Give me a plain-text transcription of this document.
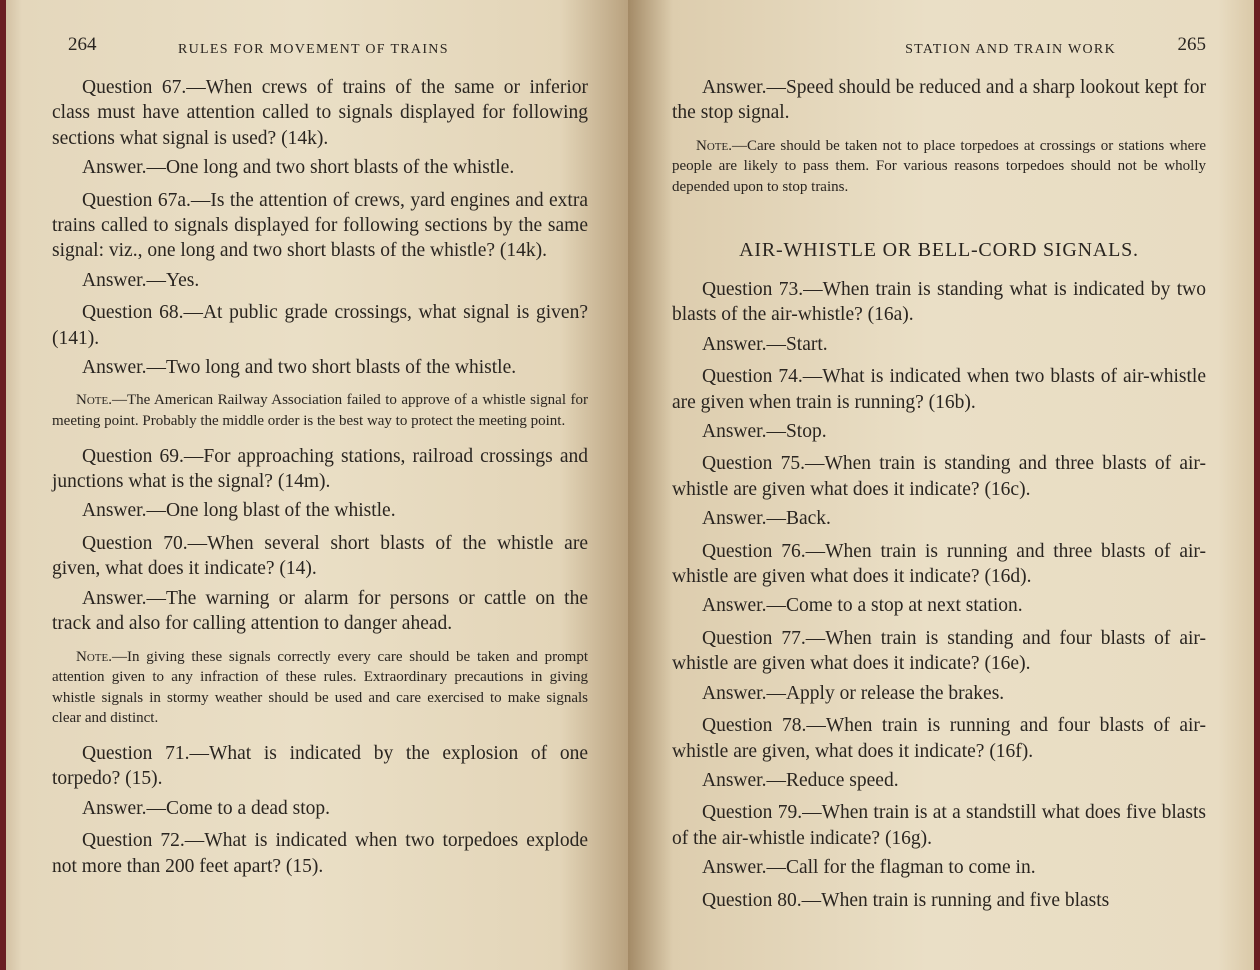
264	RULES FOR MOVEMENT OF TRAINS

Question 67.—When crews of trains of the same or inferior class must have attention called to signals displayed for following sections what signal is used? (14k).

Answer.—One long and two short blasts of the whistle.

Question 67a.—Is the attention of crews, yard engines and extra trains called to signals displayed for following sections by the same signal: viz., one long and two short blasts of the whistle? (14k).

Answer.—Yes.

Question 68.—At public grade crossings, what signal is given? (141).

Answer.—Two long and two short blasts of the whistle.

Note.—The American Railway Association failed to approve of a whistle signal for meeting point. Probably the middle order is the best way to protect the meeting point.

Question 69.—For approaching stations, railroad crossings and junctions what is the signal? (14m).

Answer.—One long blast of the whistle.

Question 70.—When several short blasts of the whistle are given, what does it indicate? (14).

Answer.—The warning or alarm for persons or cattle on the track and also for calling attention to danger ahead.

Note.—In giving these signals correctly every care should be taken and prompt attention given to any infraction of these rules. Extraordinary precautions in giving whistle signals in stormy weather should be used and care exercised to make signals clear and distinct.

Question 71.—What is indicated by the explosion of one torpedo? (15).

Answer.—Come to a dead stop.

Question 72.—What is indicated when two torpedoes explode not more than 200 feet apart? (15).

STATION AND TRAIN WORK	265

Answer.—Speed should be reduced and a sharp lookout kept for the stop signal.

Note.—Care should be taken not to place torpedoes at crossings or stations where people are likely to pass them. For various reasons torpedoes should not be wholly depended upon to stop trains.

AIR-WHISTLE OR BELL-CORD SIGNALS.

Question 73.—When train is standing what is indicated by two blasts of the air-whistle? (16a).

Answer.—Start.

Question 74.—What is indicated when two blasts of air-whistle are given when train is running? (16b).

Answer.—Stop.

Question 75.—When train is standing and three blasts of air-whistle are given what does it indicate? (16c).

Answer.—Back.

Question 76.—When train is running and three blasts of air-whistle are given what does it indicate? (16d).

Answer.—Come to a stop at next station.

Question 77.—When train is standing and four blasts of air-whistle are given what does it indicate? (16e).

Answer.—Apply or release the brakes.

Question 78.—When train is running and four blasts of air-whistle are given, what does it indicate? (16f).

Answer.—Reduce speed.

Question 79.—When train is at a standstill what does five blasts of the air-whistle indicate? (16g).

Answer.—Call for the flagman to come in.

Question 80.—When train is running and five blasts
